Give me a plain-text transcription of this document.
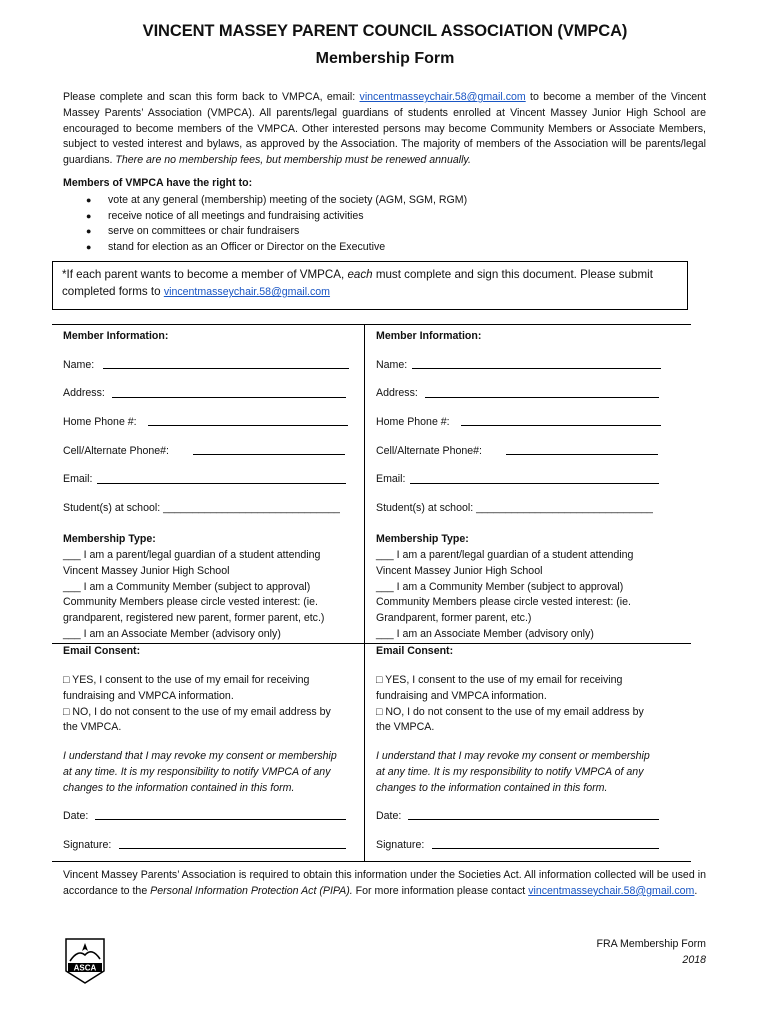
VINCENT MASSEY PARENT COUNCIL ASSOCIATION (VMPCA)
Membership Form
Please complete and scan this form back to VMPCA, email: vincentmasseychair.58@gmail.com to become a member of the Vincent Massey Parents’ Association (VMPCA). All parents/legal guardians of students enrolled at Vincent Massey Junior High School are encouraged to become members of the VMPCA. Other interested persons may become Community Members or Associate Members, subject to vested interest and bylaws, as approved by the Association. The majority of members of the Association will be parents/legal guardians. There are no membership fees, but membership must be renewed annually.
Members of VMPCA have the right to:
● vote at any general (membership) meeting of the society (AGM, SGM, RGM)
● receive notice of all meetings and fundraising activities
● serve on committees or chair fundraisers
● stand for election as an Officer or Director on the Executive
*If each parent wants to become a member of VMPCA, each must complete and sign this document. Please submit completed forms to vincentmasseychair.58@gmail.com
Member Information:
Name:
Address:
Home Phone #:
Cell/Alternate Phone#:
Email:
Student(s) at school: ______________________________
Membership Type:
___ I am a parent/legal guardian of a student attending
Vincent Massey Junior High School
___ I am a Community Member (subject to approval)
Community Members please circle vested interest: (ie.
grandparent, registered new parent, former parent, etc.)
___ I am an Associate Member (advisory only)
Email Consent:
□ YES, I consent to the use of my email for receiving
fundraising and VMPCA information.
□ NO, I do not consent to the use of my email address by
the VMPCA.
I understand that I may revoke my consent or membership
at any time. It is my responsibility to notify VMPCA of any
changes to the information contained in this form.
Date:
Signature:
Member Information:
Name:
Address:
Home Phone #:
Cell/Alternate Phone#:
Email:
Student(s) at school: ______________________________
Membership Type:
___ I am a parent/legal guardian of a student attending
Vincent Massey Junior High School
___ I am a Community Member (subject to approval)
Community Members please circle vested interest: (ie.
Grandparent, former parent, etc.)
___ I am an Associate Member (advisory only)
Email Consent:
□ YES, I consent to the use of my email for receiving
fundraising and VMPCA information.
□ NO, I do not consent to the use of my email address by
the VMPCA.
I understand that I may revoke my consent or membership
at any time. It is my responsibility to notify VMPCA of any
changes to the information contained in this form.
Date:
Signature:
Vincent Massey Parents’ Association is required to obtain this information under the Societies Act. All information collected will be used in accordance to the Personal Information Protection Act (PIPA). For more information please contact vincentmasseychair.58@gmail.com.
ASCA
FRA Membership Form
2018
